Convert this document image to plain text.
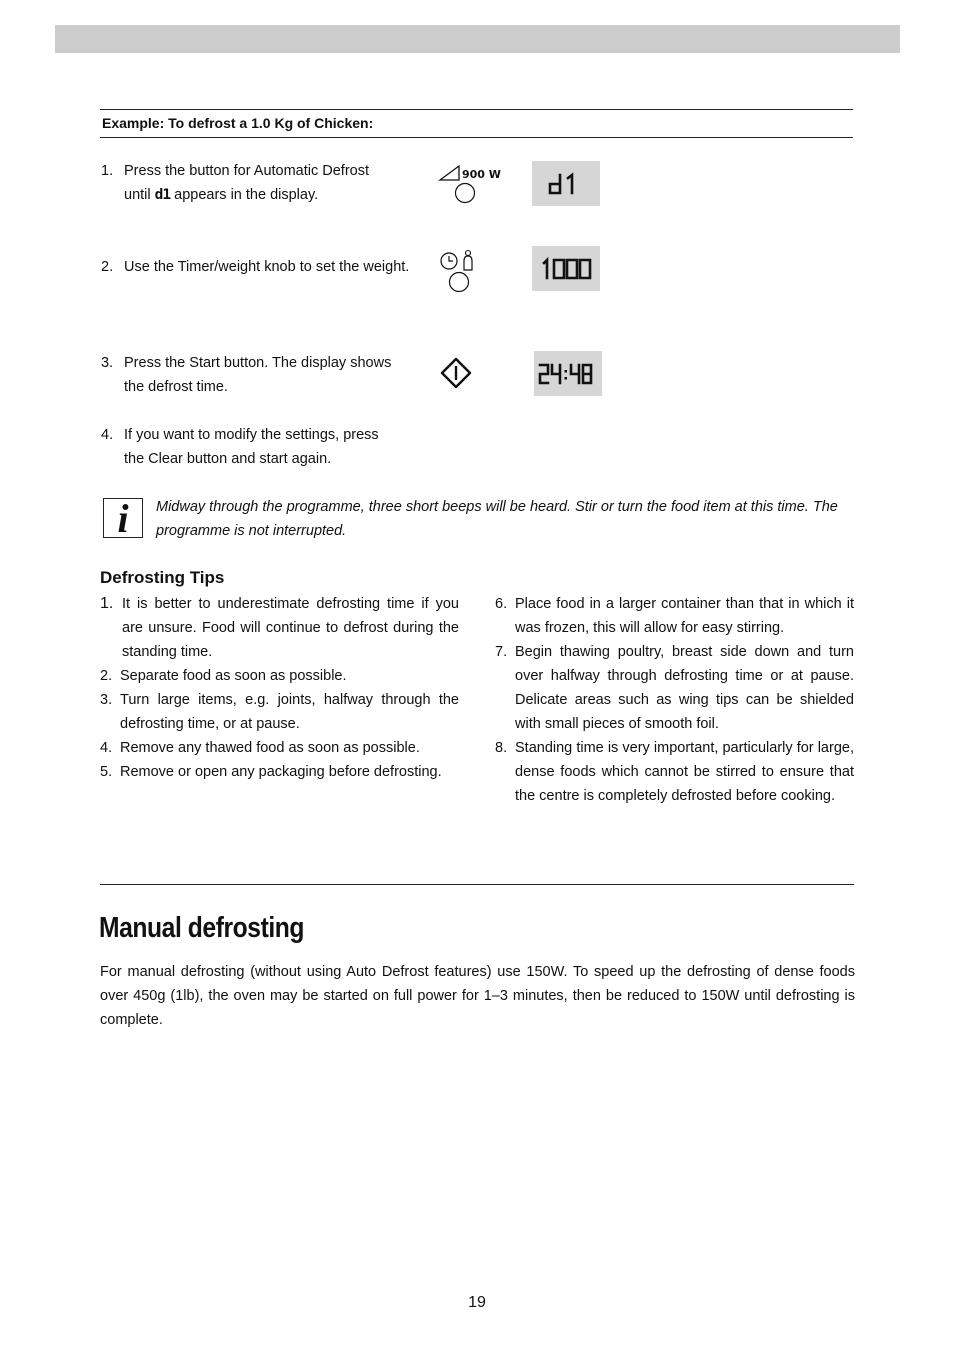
Example: To defrost a 1.0 Kg of Chicken:
1. Press the button for Automatic Defrost
until d1 appears in the display.
900 W
2. Use the Timer/weight knob to set the weight.
3. Press the Start button. The display shows the defrost time.
4. If you want to modify the settings, press the Clear button and start again.
i	Midway through the programme, three short beeps will be heard. Stir or turn the food item at this time. The programme is not interrupted.
Defrosting Tips
1. It is better to underestimate defrosting time if you are unsure. Food will continue to defrost during the standing time.
2. Separate food as soon as possible.
3. Turn large items, e.g. joints, halfway through the defrosting time, or at pause.
4. Remove any thawed food as soon as possible.
5. Remove or open any packaging before defrosting.
6. Place food in a larger container than that in which it was frozen, this will allow for easy stirring.
7. Begin thawing poultry, breast side down and turn over halfway through defrosting time or at pause. Delicate areas such as wing tips can be shielded with small pieces of smooth foil.
8. Standing time is very important, particularly for large, dense foods which cannot be stirred to ensure that the centre is completely defrosted before cooking.
Manual defrosting
For manual defrosting (without using Auto Defrost features) use 150W. To speed up the defrosting of dense foods over 450g (1lb), the oven may be started on full power for 1–3 minutes, then be reduced to 150W until defrosting is complete.
19
